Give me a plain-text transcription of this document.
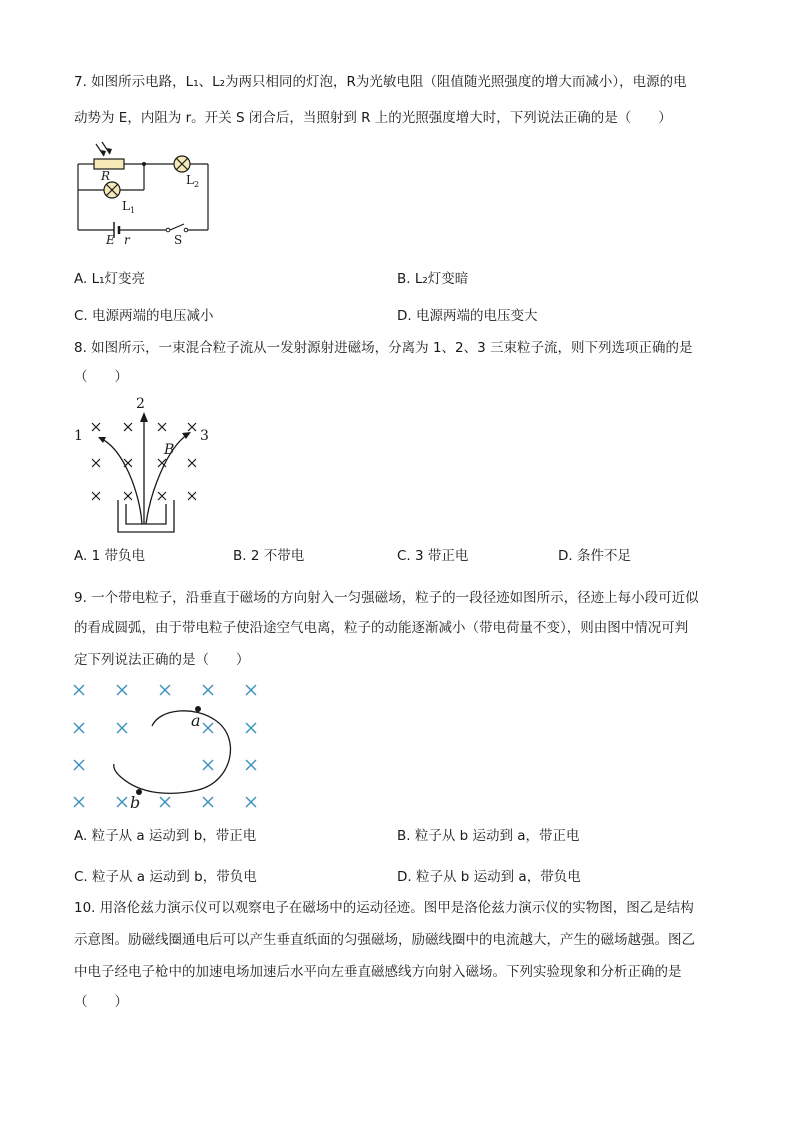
7. 如图所示电路，L₁、L₂为两只相同的灯泡，R为光敏电阻（阻值随光照强度的增大而减小），电源的电
动势为 E，内阻为 r。开关 S 闭合后，当照射到 R 上的光照强度增大时，下列说法正确的是（　　）
R
E r
$L_1$
$L_2$
S
A. L₁灯变亮	B. L₂灯变暗
C. 电源两端的电压减小	D. 电源两端的电压变大
8. 如图所示，一束混合粒子流从一发射源射进磁场，分离为 1、2、3 三束粒子流，则下列选项正确的是
（　　）
1
2
3
B
A. 1 带负电	B. 2 不带电	C. 3 带正电	D. 条件不足
9. 一个带电粒子，沿垂直于磁场的方向射入一匀强磁场，粒子的一段径迹如图所示，径迹上每小段可近似
的看成圆弧，由于带电粒子使沿途空气电离，粒子的动能逐渐减小（带电荷量不变），则由图中情况可判
定下列说法正确的是（　　）
a
b
A. 粒子从 a 运动到 b，带正电	B. 粒子从 b 运动到 a，带正电
C. 粒子从 a 运动到 b，带负电	D. 粒子从 b 运动到 a，带负电
10. 用洛伦兹力演示仪可以观察电子在磁场中的运动径迹。图甲是洛伦兹力演示仪的实物图，图乙是结构
示意图。励磁线圈通电后可以产生垂直纸面的匀强磁场，励磁线圈中的电流越大，产生的磁场越强。图乙
中电子经电子枪中的加速电场加速后水平向左垂直磁感线方向射入磁场。下列实验现象和分析正确的是
（　　）
